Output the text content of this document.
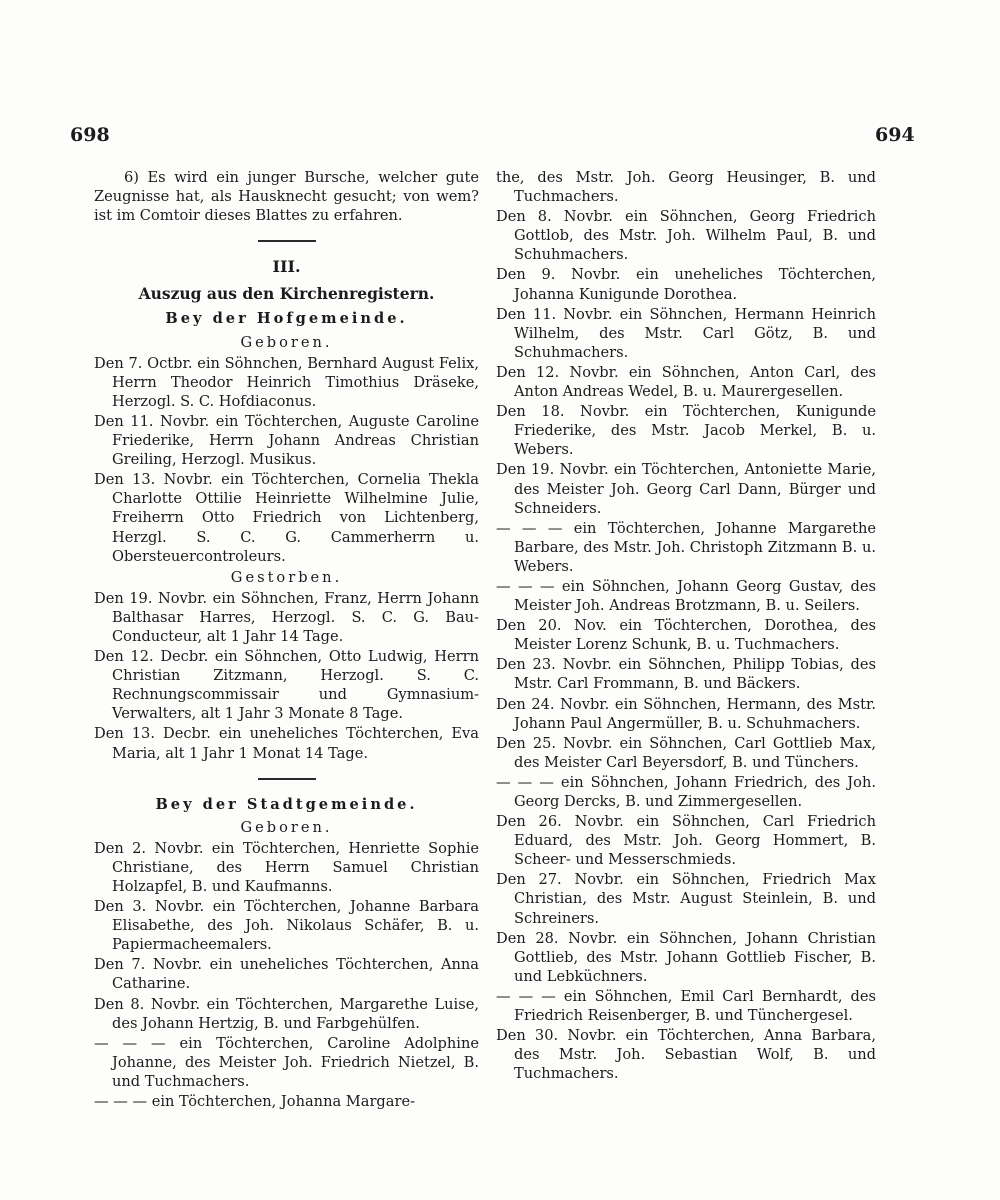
698	694

6) Es wird ein junger Bursche, welcher gute Zeugnisse hat, als Hausknecht gesucht; von wem? ist im Comtoir dieses Blattes zu erfahren.

III.
Auszug aus den Kirchenregistern.
Bey der Hofgemeinde.
Geboren.
Den 7. Octbr. ein Söhnchen, Bernhard August Felix, Herrn Theodor Heinrich Timothius Dräseke, Herzogl. S. C. Hofdiaconus.
Den 11. Novbr. ein Töchterchen, Auguste Caroline Friederike, Herrn Johann Andreas Christian Greiling, Herzogl. Musikus.
Den 13. Novbr. ein Töchterchen, Cornelia Thekla Charlotte Ottilie Heinriette Wilhelmine Julie, Freiherrn Otto Friedrich von Lichtenberg, Herzgl. S. C. G. Cammerherrn u. Obersteuercontroleurs.
Gestorben.
Den 19. Novbr. ein Söhnchen, Franz, Herrn Johann Balthasar Harres, Herzogl. S. C. G. Bau-Conducteur, alt 1 Jahr 14 Tage.
Den 12. Decbr. ein Söhnchen, Otto Ludwig, Herrn Christian Zitzmann, Herzogl. S. C. Rechnungscommissair und Gymnasium-Verwalters, alt 1 Jahr 3 Monate 8 Tage.
Den 13. Decbr. ein uneheliches Töchterchen, Eva Maria, alt 1 Jahr 1 Monat 14 Tage.
Bey der Stadtgemeinde.
Geboren.
Den 2. Novbr. ein Töchterchen, Henriette Sophie Christiane, des Herrn Samuel Christian Holzapfel, B. und Kaufmanns.
Den 3. Novbr. ein Töchterchen, Johanne Barbara Elisabethe, des Joh. Nikolaus Schäfer, B. u. Papiermacheemalers.
Den 7. Novbr. ein uneheliches Töchterchen, Anna Catharine.
Den 8. Novbr. ein Töchterchen, Margarethe Luise, des Johann Hertzig, B. und Farbgehülfen.
— — — ein Töchterchen, Caroline Adolphine Johanne, des Meister Joh. Friedrich Nietzel, B. und Tuchmachers.
— — — ein Töchterchen, Johanna Margare-
the, des Mstr. Joh. Georg Heusinger, B. und Tuchmachers.
Den 8. Novbr. ein Söhnchen, Georg Friedrich Gottlob, des Mstr. Joh. Wilhelm Paul, B. und Schuhmachers.
Den 9. Novbr. ein uneheliches Töchterchen, Johanna Kunigunde Dorothea.
Den 11. Novbr. ein Söhnchen, Hermann Heinrich Wilhelm, des Mstr. Carl Götz, B. und Schuhmachers.
Den 12. Novbr. ein Söhnchen, Anton Carl, des Anton Andreas Wedel, B. u. Maurergesellen.
Den 18. Novbr. ein Töchterchen, Kunigunde Friederike, des Mstr. Jacob Merkel, B. u. Webers.
Den 19. Novbr. ein Töchterchen, Antoniette Marie, des Meister Joh. Georg Carl Dann, Bürger und Schneiders.
— — — ein Töchterchen, Johanne Margarethe Barbare, des Mstr. Joh. Christoph Zitzmann B. u. Webers.
— — — ein Söhnchen, Johann Georg Gustav, des Meister Joh. Andreas Brotzmann, B. u. Seilers.
Den 20. Nov. ein Töchterchen, Dorothea, des Meister Lorenz Schunk, B. u. Tuchmachers.
Den 23. Novbr. ein Söhnchen, Philipp Tobias, des Mstr. Carl Frommann, B. und Bäckers.
Den 24. Novbr. ein Söhnchen, Hermann, des Mstr. Johann Paul Angermüller, B. u. Schuhmachers.
Den 25. Novbr. ein Söhnchen, Carl Gottlieb Max, des Meister Carl Beyersdorf, B. und Tünchers.
— — — ein Söhnchen, Johann Friedrich, des Joh. Georg Dercks, B. und Zimmergesellen.
Den 26. Novbr. ein Söhnchen, Carl Friedrich Eduard, des Mstr. Joh. Georg Hommert, B. Scheer- und Messerschmieds.
Den 27. Novbr. ein Söhnchen, Friedrich Max Christian, des Mstr. August Steinlein, B. und Schreiners.
Den 28. Novbr. ein Söhnchen, Johann Christian Gottlieb, des Mstr. Johann Gottlieb Fischer, B. und Lebküchners.
— — — ein Söhnchen, Emil Carl Bernhardt, des Friedrich Reisenberger, B. und Tünchergesel.
Den 30. Novbr. ein Töchterchen, Anna Barbara, des Mstr. Joh. Sebastian Wolf, B. und Tuchmachers.
